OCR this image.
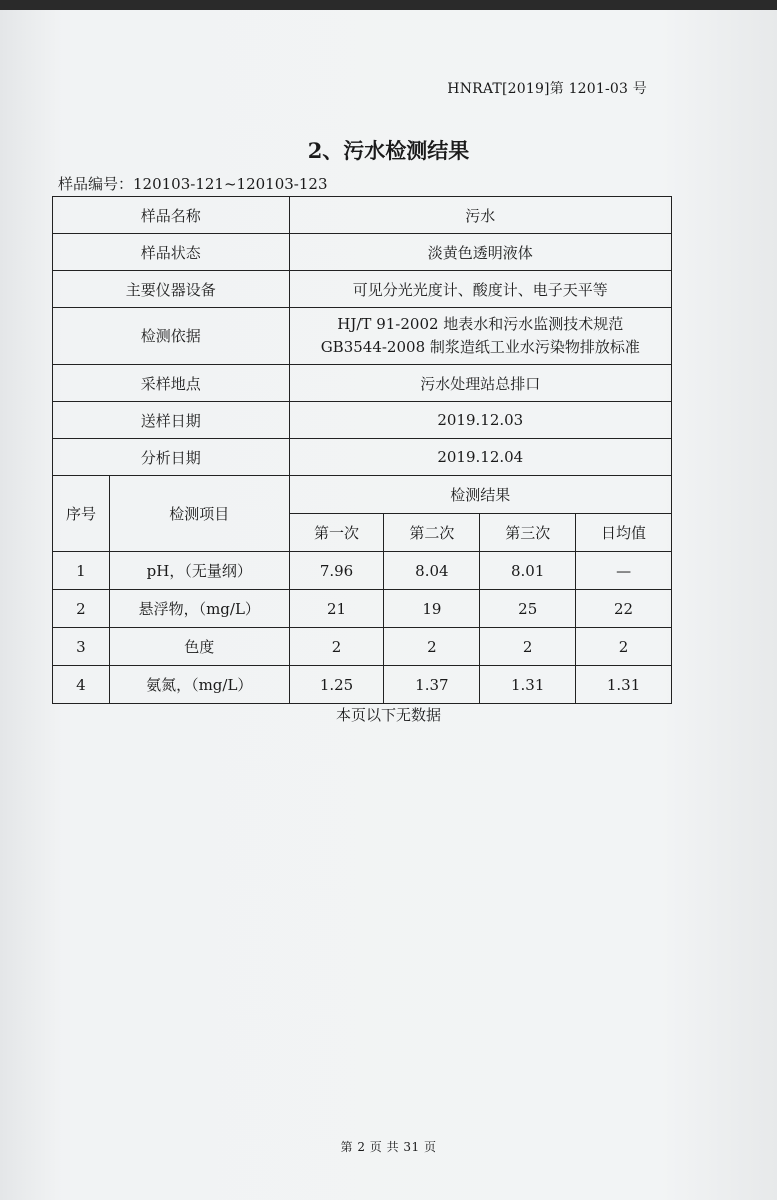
HNRAT[2019]第 1201-03 号
2、污水检测结果
样品编号：120103-121~120103-123
样品名称		污水			
样品状态		淡黄色透明液体			
主要仪器设备		可见分光光度计、酸度计、电子天平等			
检测依据		HJ/T 91-2002 地表水和污水监测技术规范
GB3544-2008 制浆造纸工业水污染物排放标准			

采样地点		污水处理站总排口			
送样日期		2019.12.03			
分析日期		2019.12.04			
序号	检测项目	检测结果			
		第一次	第二次	第三次	日均值
1	pH，（无量纲）	7.96	8.04	8.01	—
2	悬浮物，（mg/L）	21	19	25	22
3	色度	2	2	2	2
4	氨氮，（mg/L）	1.25	1.37	1.31	1.31
本页以下无数据
第 2 页 共 31 页
